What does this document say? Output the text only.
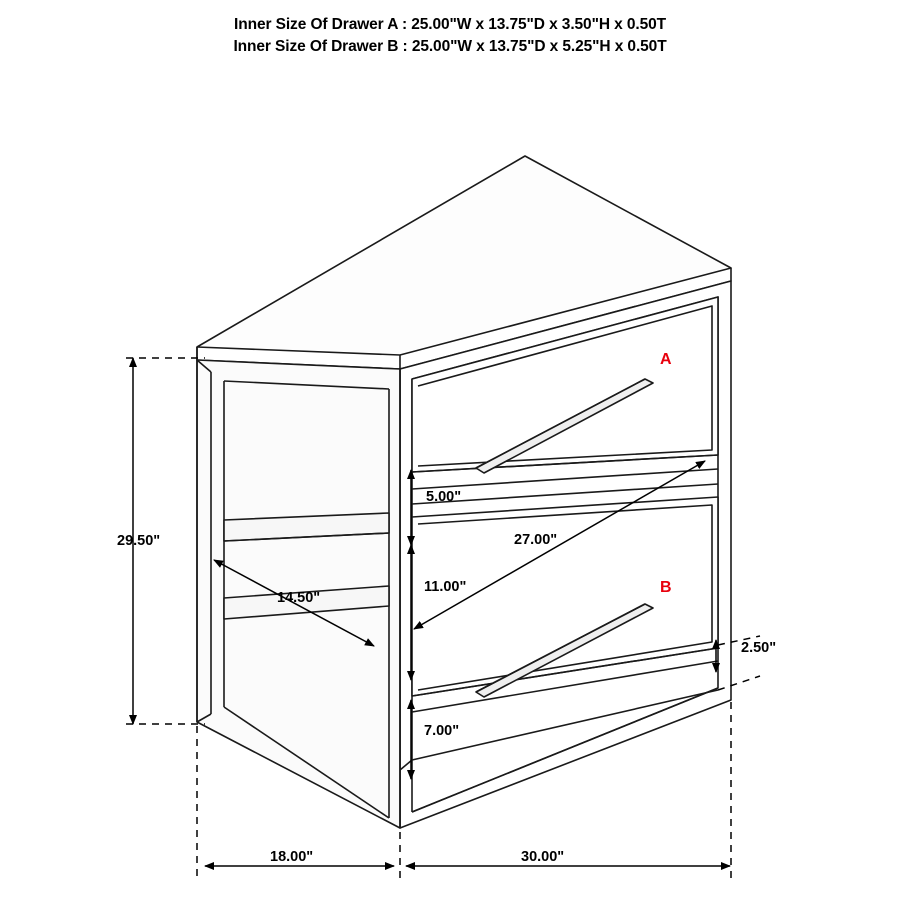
Inner Size Of Drawer A : 25.00"W x 13.75"D x 3.50"H x 0.50T
Inner Size Of Drawer B : 25.00"W x 13.75"D x 5.25"H x 0.50T
29.50"
14.50"
27.00"
5.00"
11.00"
7.00"
2.50"
18.00"	30.00"
A
B
